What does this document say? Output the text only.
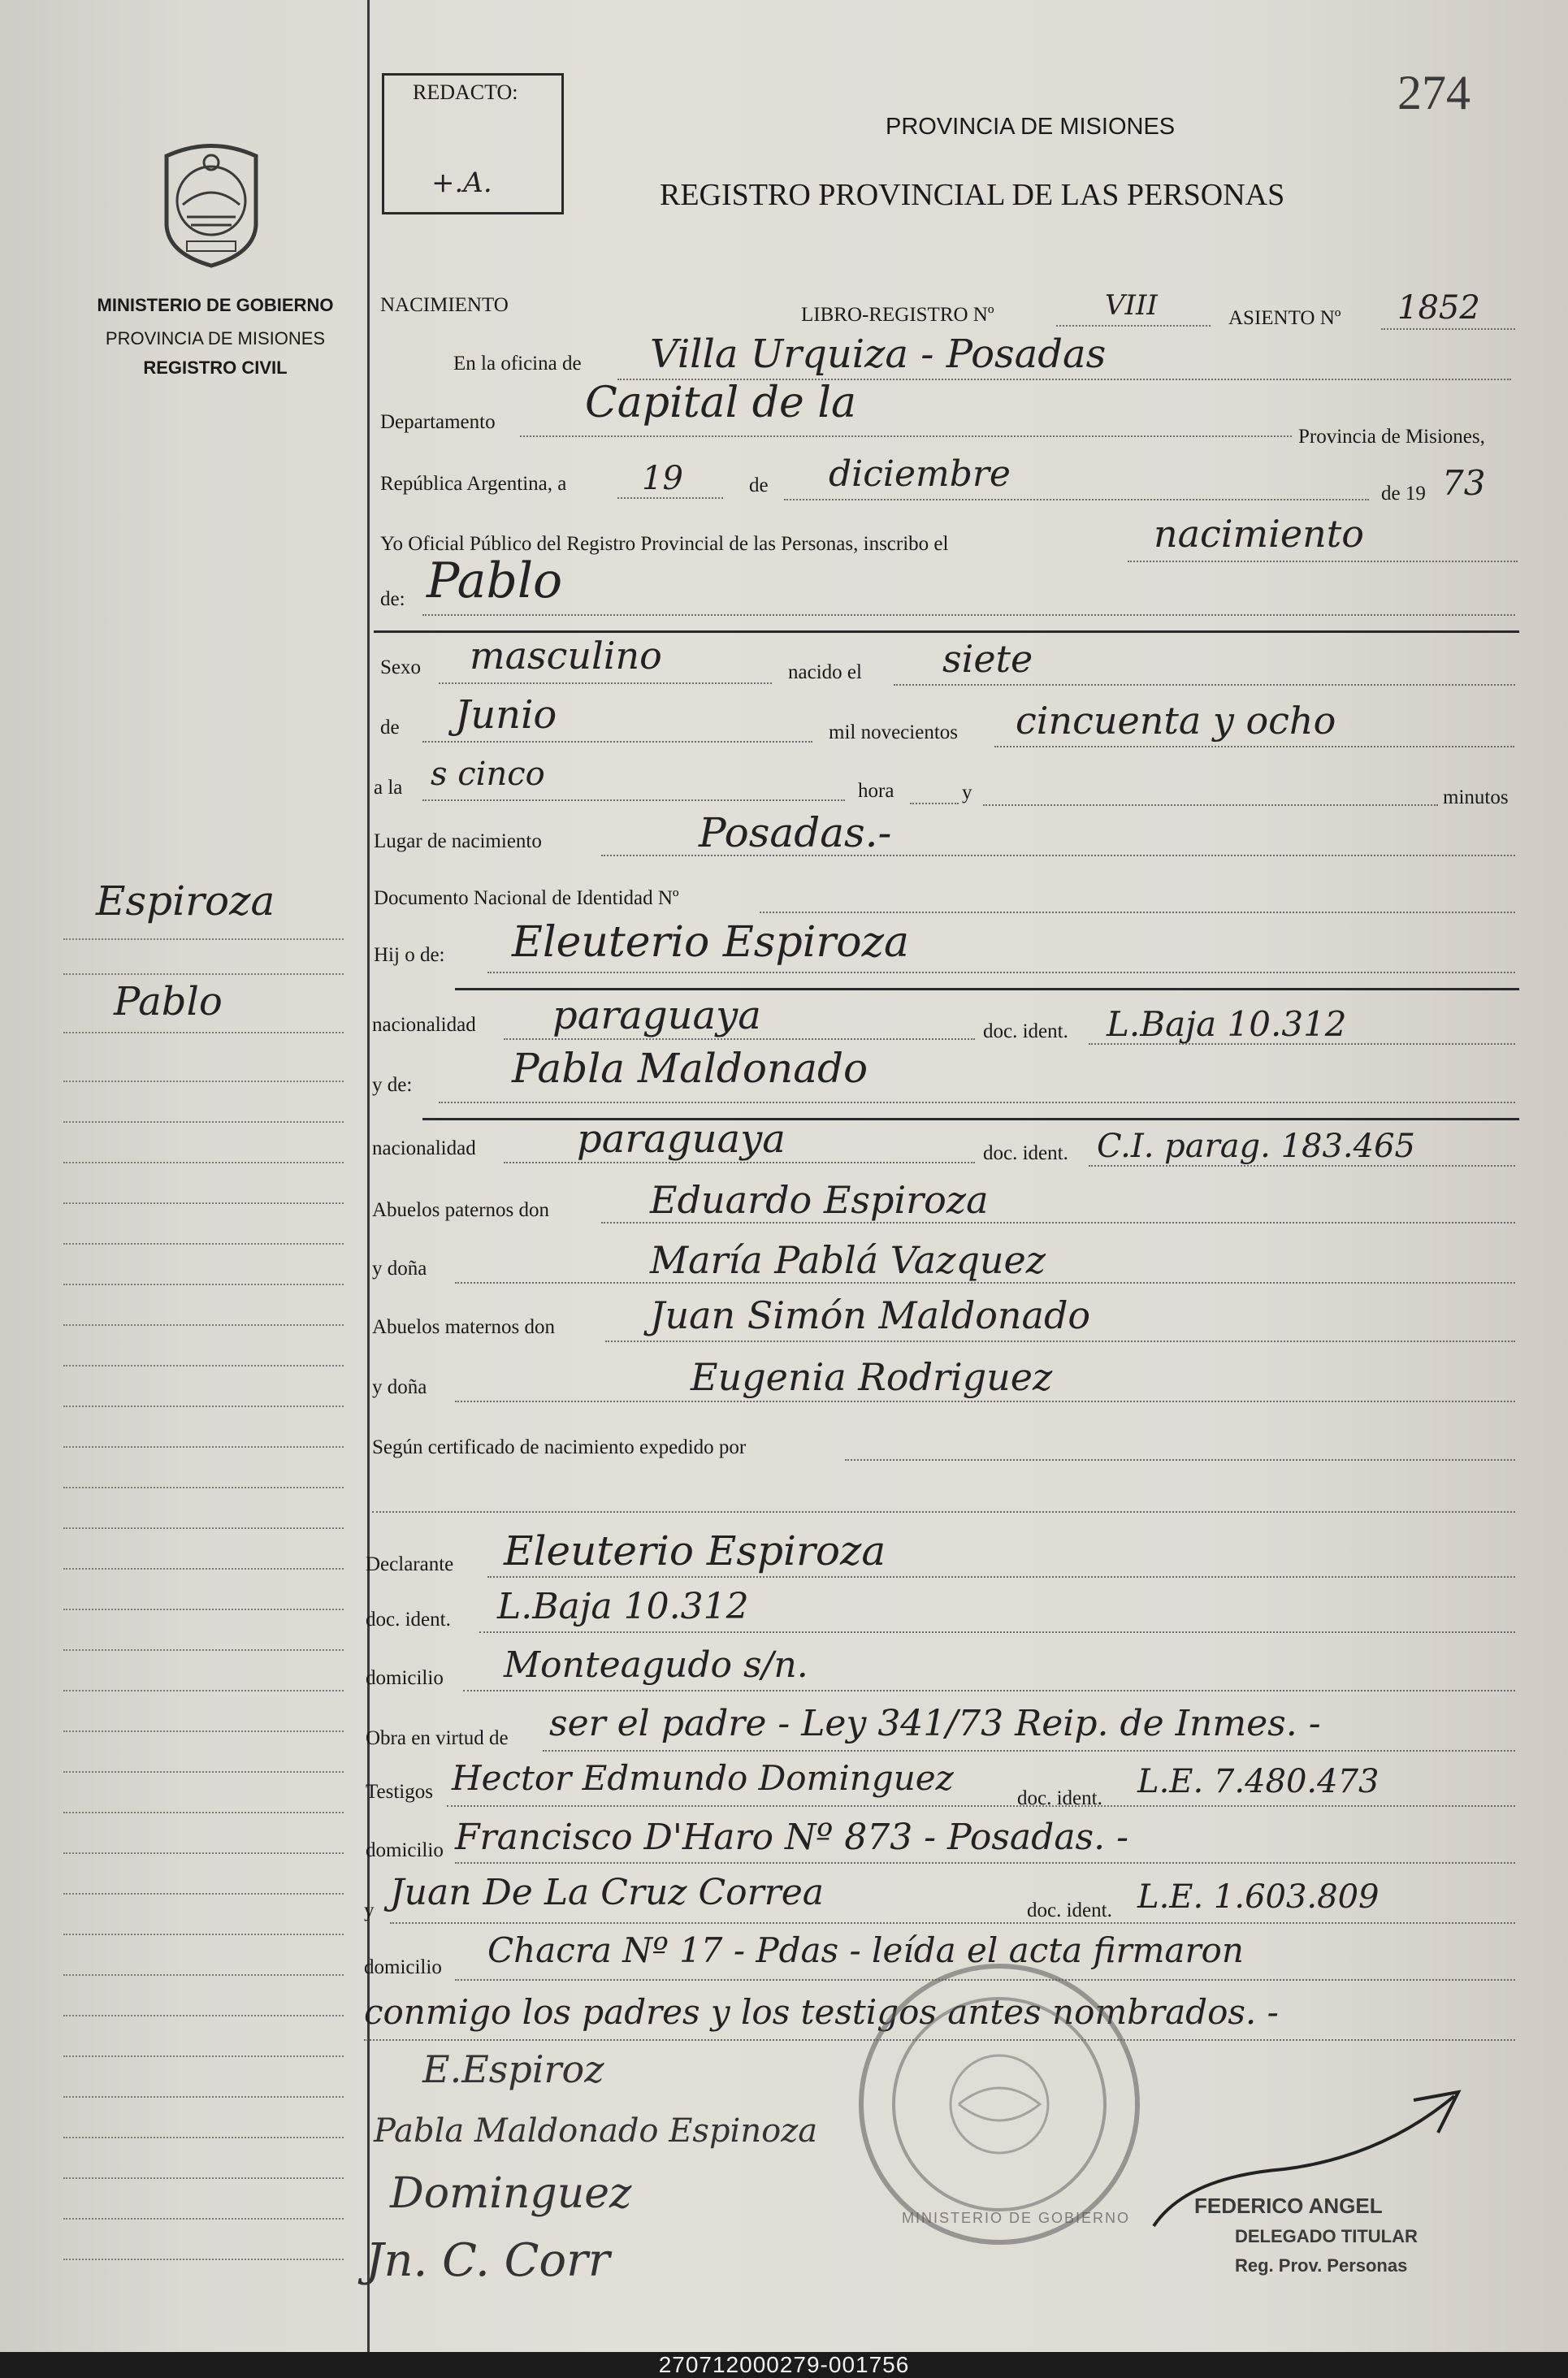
MINISTERIO DE GOBIERNO
PROVINCIA DE MISIONES
REGISTRO CIVIL
Espiroza
Pablo
REDACTO:
+.A.
274
PROVINCIA DE MISIONES
REGISTRO PROVINCIAL DE LAS PERSONAS
NACIMIENTO	LIBRO-REGISTRO Nº	VIII	ASIENTO Nº 1852
En la oficina de Villa Urquiza - Posadas
Departamento Capital de la
Provincia de Misiones,
República Argentina, a 19	de diciembre	de 19 73
Yo Oficial Público del Registro Provincial de las Personas, inscribo el	nacimiento
de: Pablo
Sexo masculino	nacido el siete
de Junio	mil novecientos cincuenta y ocho
a la s cinco	hora	y	minutos
Lugar de nacimiento	Posadas.-
Documento Nacional de Identidad Nº
Hij o de: Eleuterio Espiroza
nacionalidad paraguaya	doc. ident. L.Baja 10.312
y de: Pabla Maldonado
nacionalidad	paraguaya	doc. ident. C.I. parag. 183.465
Abuelos paternos don	Eduardo Espiroza
y doña	María Pablá Vazquez
Abuelos maternos don	Juan Simón Maldonado
y doña	Eugenia Rodriguez
Según certificado de nacimiento expedido por
Declarante Eleuterio Espiroza
doc. ident. L.Baja 10.312
domicilio Monteagudo s/n.
Obra en virtud de ser el padre - Ley 341/73 Reip. de Inmes. -
Testigos Hector Edmundo Dominguez
doc. ident. L.E. 7.480.473
domicilio Francisco D'Haro Nº 873 - Posadas. -
y Juan De La Cruz Correa	doc. ident. L.E. 1.603.809
domicilio Chacra Nº 17 - Pdas - leída el acta firmaron
conmigo los padres y los testigos antes nombrados. -
E.Espiroz
Pabla Maldonado Espinoza
Dominguez
Jn. C. Corr
MINISTERIO DE GOBIERNO	FEDERICO ANGEL
DELEGADO TITULAR
Reg. Prov. Personas
270712000279-001756
